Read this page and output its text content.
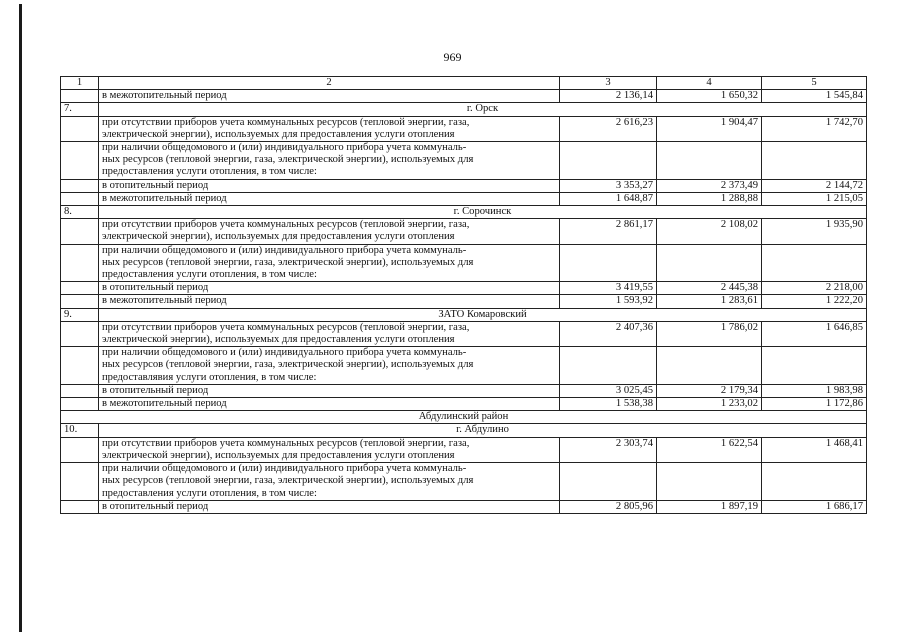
969
1	2	3	4	5

	в межотопительный период	2 136,14	1 650,32	1 545,84
7.	г. Орск			

	при отсутствии приборов учета коммунальных ресурсов (тепловой энергии, газа,
электрической энергии), используемых для предоставления услуги отопления	2 616,23	1 904,47	1 742,70

	при наличии общедомового и (или) индивидуального прибора учета коммуналь-
ных ресурсов (тепловой энергии, газа, электрической энергии), используемых для
предоставления услуги отопления, в том числе:			

	в отопительный период	3 353,27	2 373,49	2 144,72

	в межотопительный период	1 648,87	1 288,88	1 215,05
8.	г. Сорочинск			

	при отсутствии приборов учета коммунальных ресурсов (тепловой энергии, газа,
электрической энергии), используемых для предоставления услуги отопления	2 861,17	2 108,02	1 935,90

	при наличии общедомового и (или) индивидуального прибора учета коммуналь-
ных ресурсов (тепловой энергии, газа, электрической энергии), используемых для
предоставления услуги отопления, в том числе:			

	в отопительный период	3 419,55	2 445,38	2 218,00

	в межотопительный период	1 593,92	1 283,61	1 222,20
9.	ЗАТО Комаровский			

	при отсутствии приборов учета коммунальных ресурсов (тепловой энергии, газа,
электрической энергии), используемых для предоставления услуги отопления	2 407,36	1 786,02	1 646,85

	при наличии общедомового и (или) индивидуального прибора учета коммуналь-
ных ресурсов (тепловой энергии, газа, электрической энергии), используемых для
предоставлявия услуги отопления, в том числе:			

	в отопительный период	3 025,45	2 179,34	1 983,98

	в межотопительный период	1 538,38	1 233,02	1 172,86
Абдулинский район				
10.	г. Абдулино			

	при отсутствии приборов учета коммунальных ресурсов (тепловой энергии, газа,
электрической энергии), используемых для предоставления услуги отопления	2 303,74	1 622,54	1 468,41

	при наличии общедомового и (или) индивидуального прибора учета коммуналь-
ных ресурсов (тепловой энергии, газа, электрической энергии), используемых для
предоставления услуги отопления, в том числе:			

	в отопительный период	2 805,96	1 897,19	1 686,17
